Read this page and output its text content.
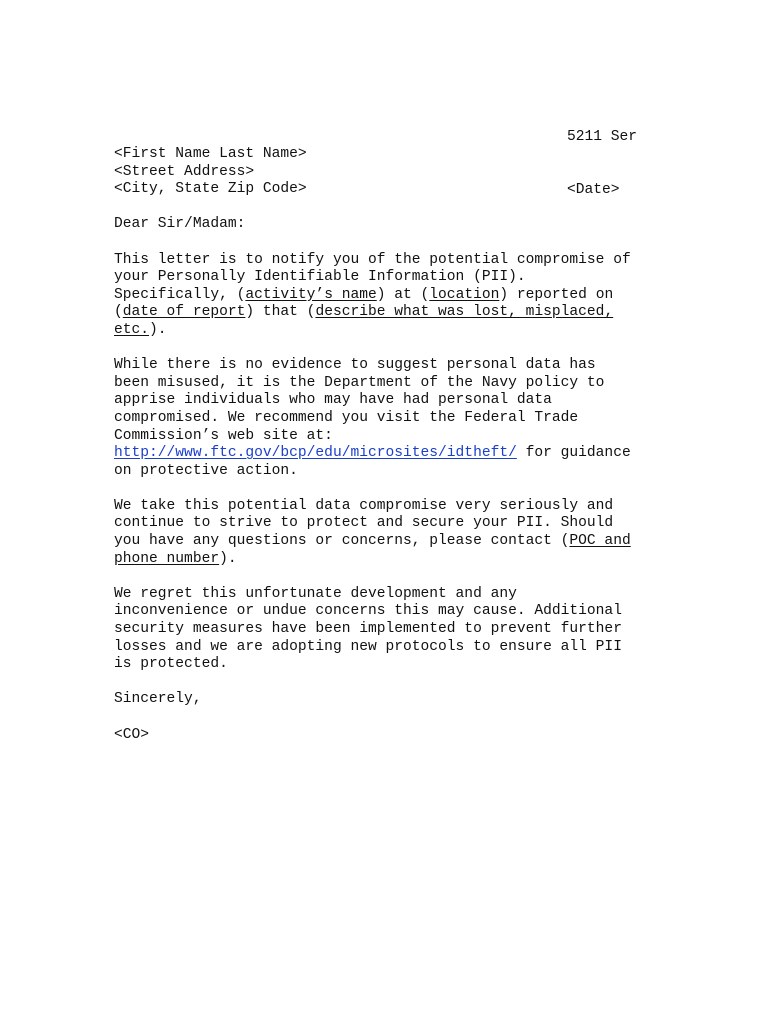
5211 Ser

<Date>

<First Name Last Name>
<Street Address>
<City, State Zip Code>
Dear Sir/Madam:
This letter is to notify you of the potential compromise of
your Personally Identifiable Information (PII).
Specifically, (activity’s name) at (location) reported on
(date of report) that (describe what was lost, misplaced,
etc.).
While there is no evidence to suggest personal data has
been misused, it is the Department of the Navy policy to
apprise individuals who may have had personal data
compromised. We recommend you visit the Federal Trade
Commission’s web site at:
http://www.ftc.gov/bcp/edu/microsites/idtheft/ for guidance
on protective action.
We take this potential data compromise very seriously and
continue to strive to protect and secure your PII. Should
you have any questions or concerns, please contact (POC and
phone number).
We regret this unfortunate development and any
inconvenience or undue concerns this may cause. Additional
security measures have been implemented to prevent further
losses and we are adopting new protocols to ensure all PII
is protected.
Sincerely,
<CO>
